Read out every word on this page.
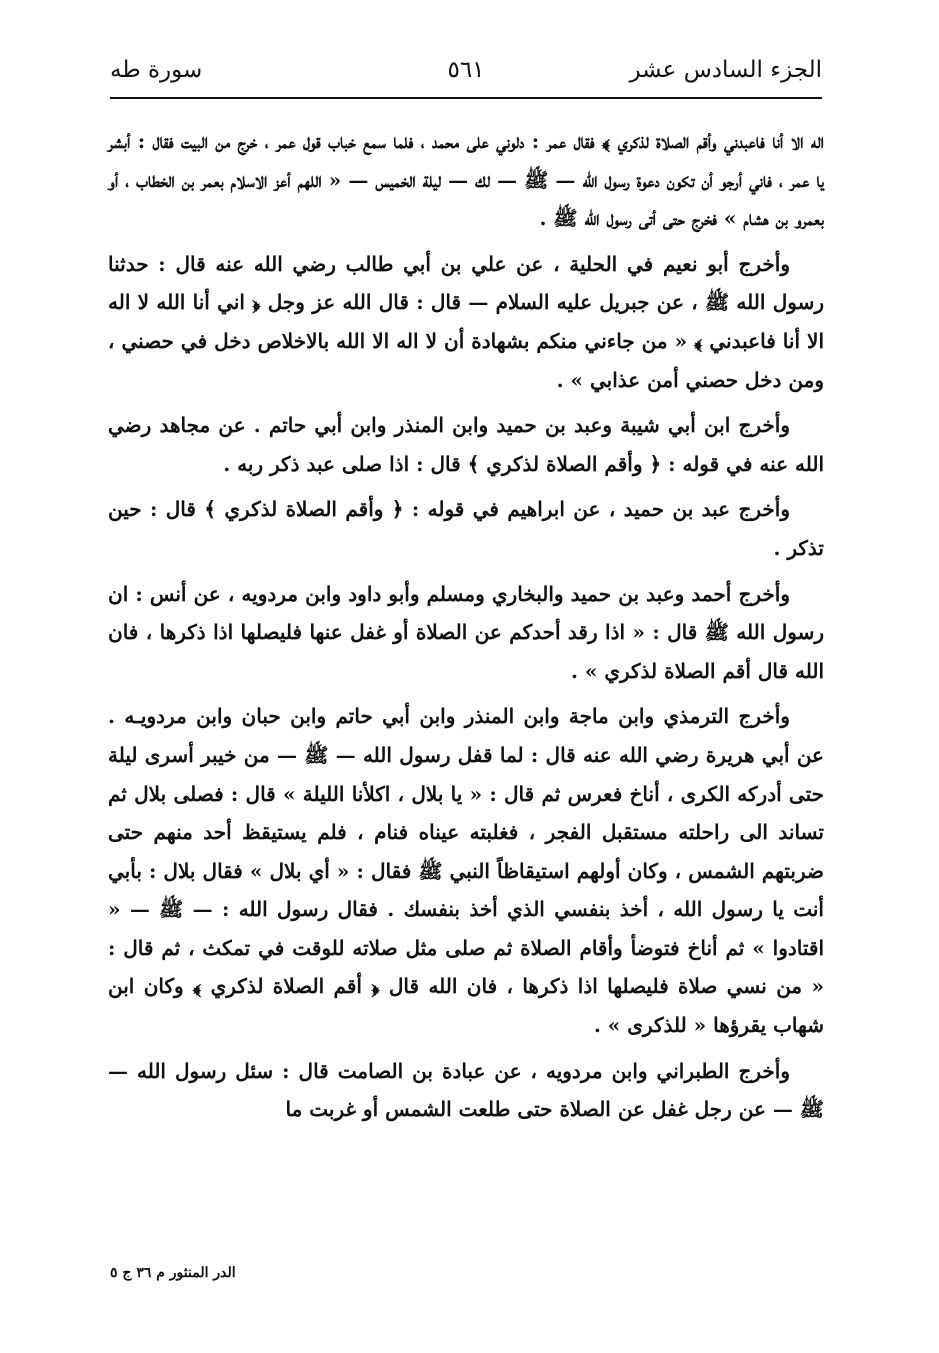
الجزء السادس عشر
٥٦١
سورة طه

اله الا أنا فاعبدني وأقم الصلاة لذكري ﴾ فقال عمر : دلوني على محمد ، فلما سمع خباب قول عمر ، خرج من البيت فقال : أبشر يا عمر ، فاني أرجو أن تكون دعوة رسول الله — ﷺ — لك — ليلة الخميس — « اللهم أعز الاسلام بعمر بن الخطاب ، أو بعمرو بن هشام » فخرج حتى أتى رسول الله ﷺ .

وأخرج أبو نعيم في الحلية ، عن علي بن أبي طالب رضي الله عنه قال : حدثنا رسول الله ﷺ ، عن جبريل عليه السلام — قال : قال الله عز وجل ﴿ اني أنا الله لا اله الا أنا فاعبدني ﴾ « من جاءني منكم بشهادة أن لا اله الا الله بالاخلاص دخل في حصني ، ومن دخل حصني أمن عذابي » .

وأخرج ابن أبي شيبة وعبد بن حميد وابن المنذر وابن أبي حاتم . عن مجاهد رضي الله عنه في قوله : ﴿ وأقم الصلاة لذكري ﴾ قال : اذا صلى عبد ذكر ربه .

وأخرج عبد بن حميد ، عن ابراهيم في قوله : ﴿ وأقم الصلاة لذكري ﴾ قال : حين تذكر .

وأخرج أحمد وعبد بن حميد والبخاري ومسلم وأبو داود وابن مردويه ، عن أنس : ان رسول الله ﷺ قال : « اذا رقد أحدكم عن الصلاة أو غفل عنها فليصلها اذا ذكرها ، فان الله قال أقم الصلاة لذكري » .

وأخرج الترمذي وابن ماجة وابن المنذر وابن أبي حاتم وابن حبان وابن مردويـه . عن أبي هريرة رضي الله عنه قال : لما قفل رسول الله — ﷺ — من خيبر أسرى ليلة حتى أدركه الكرى ، أناخ فعرس ثم قال : « يا بلال ، اكلأنا الليلة » قال : فصلى بلال ثم تساند الى راحلته مستقبل الفجر ، فغلبته عيناه فنام ، فلم يستيقظ أحد منهم حتى ضربتهم الشمس ، وكان أولهم استيقاظاً النبي ﷺ فقال : « أي بلال » فقال بلال : بأبي أنت يا رسول الله ، أخذ بنفسي الذي أخذ بنفسك . فقال رسول الله : — ﷺ — « اقتادوا » ثم أناخ فتوضأ وأقام الصلاة ثم صلى مثل صلاته للوقت في تمكث ، ثم قال : « من نسي صلاة فليصلها اذا ذكرها ، فان الله قال ﴿ أقم الصلاة لذكري ﴾ وكان ابن شهاب يقرؤها « للذكرى » .

وأخرج الطبراني وابن مردويه ، عن عبادة بن الصامت قال : سئل رسول الله — ﷺ — عن رجل غفل عن الصلاة حتى طلعت الشمس أو غربت ما

الدر المنثور م ٣٦ ج ٥
